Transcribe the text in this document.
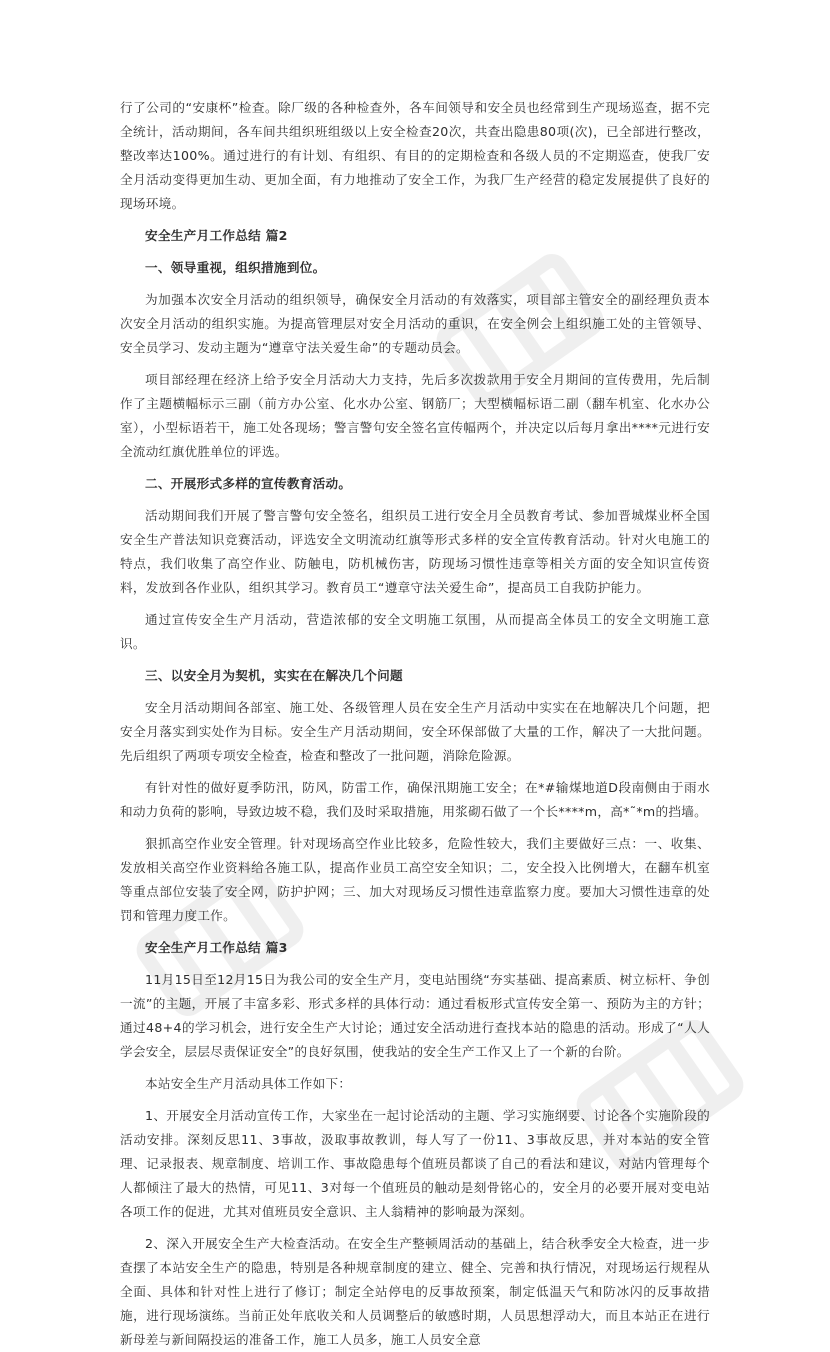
行了公司的“安康杯”检查。除厂级的各种检查外，各车间领导和安全员也经常到生产现场巡查，据不完全统计，活动期间，各车间共组织班组级以上安全检查20次，共查出隐患80项(次)，已全部进行整改，整改率达100%。通过进行的有计划、有组织、有目的的定期检查和各级人员的不定期巡查，使我厂安全月活动变得更加生动、更加全面，有力地推动了安全工作，为我厂生产经营的稳定发展提供了良好的现场环境。

安全生产月工作总结 篇2

一、领导重视，组织措施到位。

为加强本次安全月活动的组织领导，确保安全月活动的有效落实，项目部主管安全的副经理负责本次安全月活动的组织实施。为提高管理层对安全月活动的重识，在安全例会上组织施工处的主管领导、安全员学习、发动主题为“遵章守法关爱生命”的专题动员会。

项目部经理在经济上给予安全月活动大力支持，先后多次拨款用于安全月期间的宣传费用，先后制作了主题横幅标示三副（前方办公室、化水办公室、钢筋厂；大型横幅标语二副（翻车机室、化水办公室），小型标语若干，施工处各现场；警言警句安全签名宣传幅两个，并决定以后每月拿出****元进行安全流动红旗优胜单位的评选。

二、开展形式多样的宣传教育活动。

活动期间我们开展了警言警句安全签名，组织员工进行安全月全员教育考试、参加晋城煤业杯全国安全生产普法知识竞赛活动，评选安全文明流动红旗等形式多样的安全宣传教育活动。针对火电施工的特点，我们收集了高空作业、防触电，防机械伤害，防现场习惯性违章等相关方面的安全知识宣传资料，发放到各作业队，组织其学习。教育员工“遵章守法关爱生命”，提高员工自我防护能力。

通过宣传安全生产月活动，营造浓郁的安全文明施工氛围，从而提高全体员工的安全文明施工意识。

三、以安全月为契机，实实在在解决几个问题

安全月活动期间各部室、施工处、各级管理人员在安全生产月活动中实实在在地解决几个问题，把安全月落实到实处作为目标。安全生产月活动期间，安全环保部做了大量的工作，解决了一大批问题。先后组织了两项专项安全检查，检查和整改了一批问题，消除危险源。

有针对性的做好夏季防汛，防风，防雷工作，确保汛期施工安全；在*#输煤地道D段南侧由于雨水和动力负荷的影响，导致边坡不稳，我们及时采取措施，用浆砌石做了一个长****m，高*˜*m的挡墙。

狠抓高空作业安全管理。针对现场高空作业比较多，危险性较大，我们主要做好三点：一、收集、发放相关高空作业资料给各施工队，提高作业员工高空安全知识；二，安全投入比例增大，在翻车机室等重点部位安装了安全网，防护护网；三、加大对现场反习惯性违章监察力度。要加大习惯性违章的处罚和管理力度工作。

安全生产月工作总结 篇3

11月15日至12月15日为我公司的安全生产月，变电站围绕“夯实基础、提高素质、树立标杆、争创一流”的主题，开展了丰富多彩、形式多样的具体行动：通过看板形式宣传安全第一、预防为主的方针；通过48+4的学习机会，进行安全生产大讨论；通过安全活动进行查找本站的隐患的活动。形成了“人人学会安全，层层尽责保证安全”的良好氛围，使我站的安全生产工作又上了一个新的台阶。

本站安全生产月活动具体工作如下：

1、开展安全月活动宣传工作，大家坐在一起讨论活动的主题、学习实施纲要、讨论各个实施阶段的活动安排。深刻反思11、3事故，汲取事故教训，每人写了一份11、3事故反思，并对本站的安全管理、记录报表、规章制度、培训工作、事故隐患每个值班员都谈了自己的看法和建议，对站内管理每个人都倾注了最大的热情，可见11、3对每一个值班员的触动是刻骨铭心的，安全月的必要开展对变电站各项工作的促进，尤其对值班员安全意识、主人翁精神的影响最为深刻。

2、深入开展安全生产大检查活动。在安全生产整顿周活动的基础上，结合秋季安全大检查，进一步查摆了本站安全生产的隐患，特别是各种规章制度的建立、健全、完善和执行情况，对现场运行规程从全面、具体和针对性上进行了修订；制定全站停电的反事故预案，制定低温天气和防冰闪的反事故措施，进行现场演练。当前正处年底收关和人员调整后的敏感时期，人员思想浮动大，而且本站正在进行新母差与新间隔投运的准备工作，施工人员多，施工人员安全意
